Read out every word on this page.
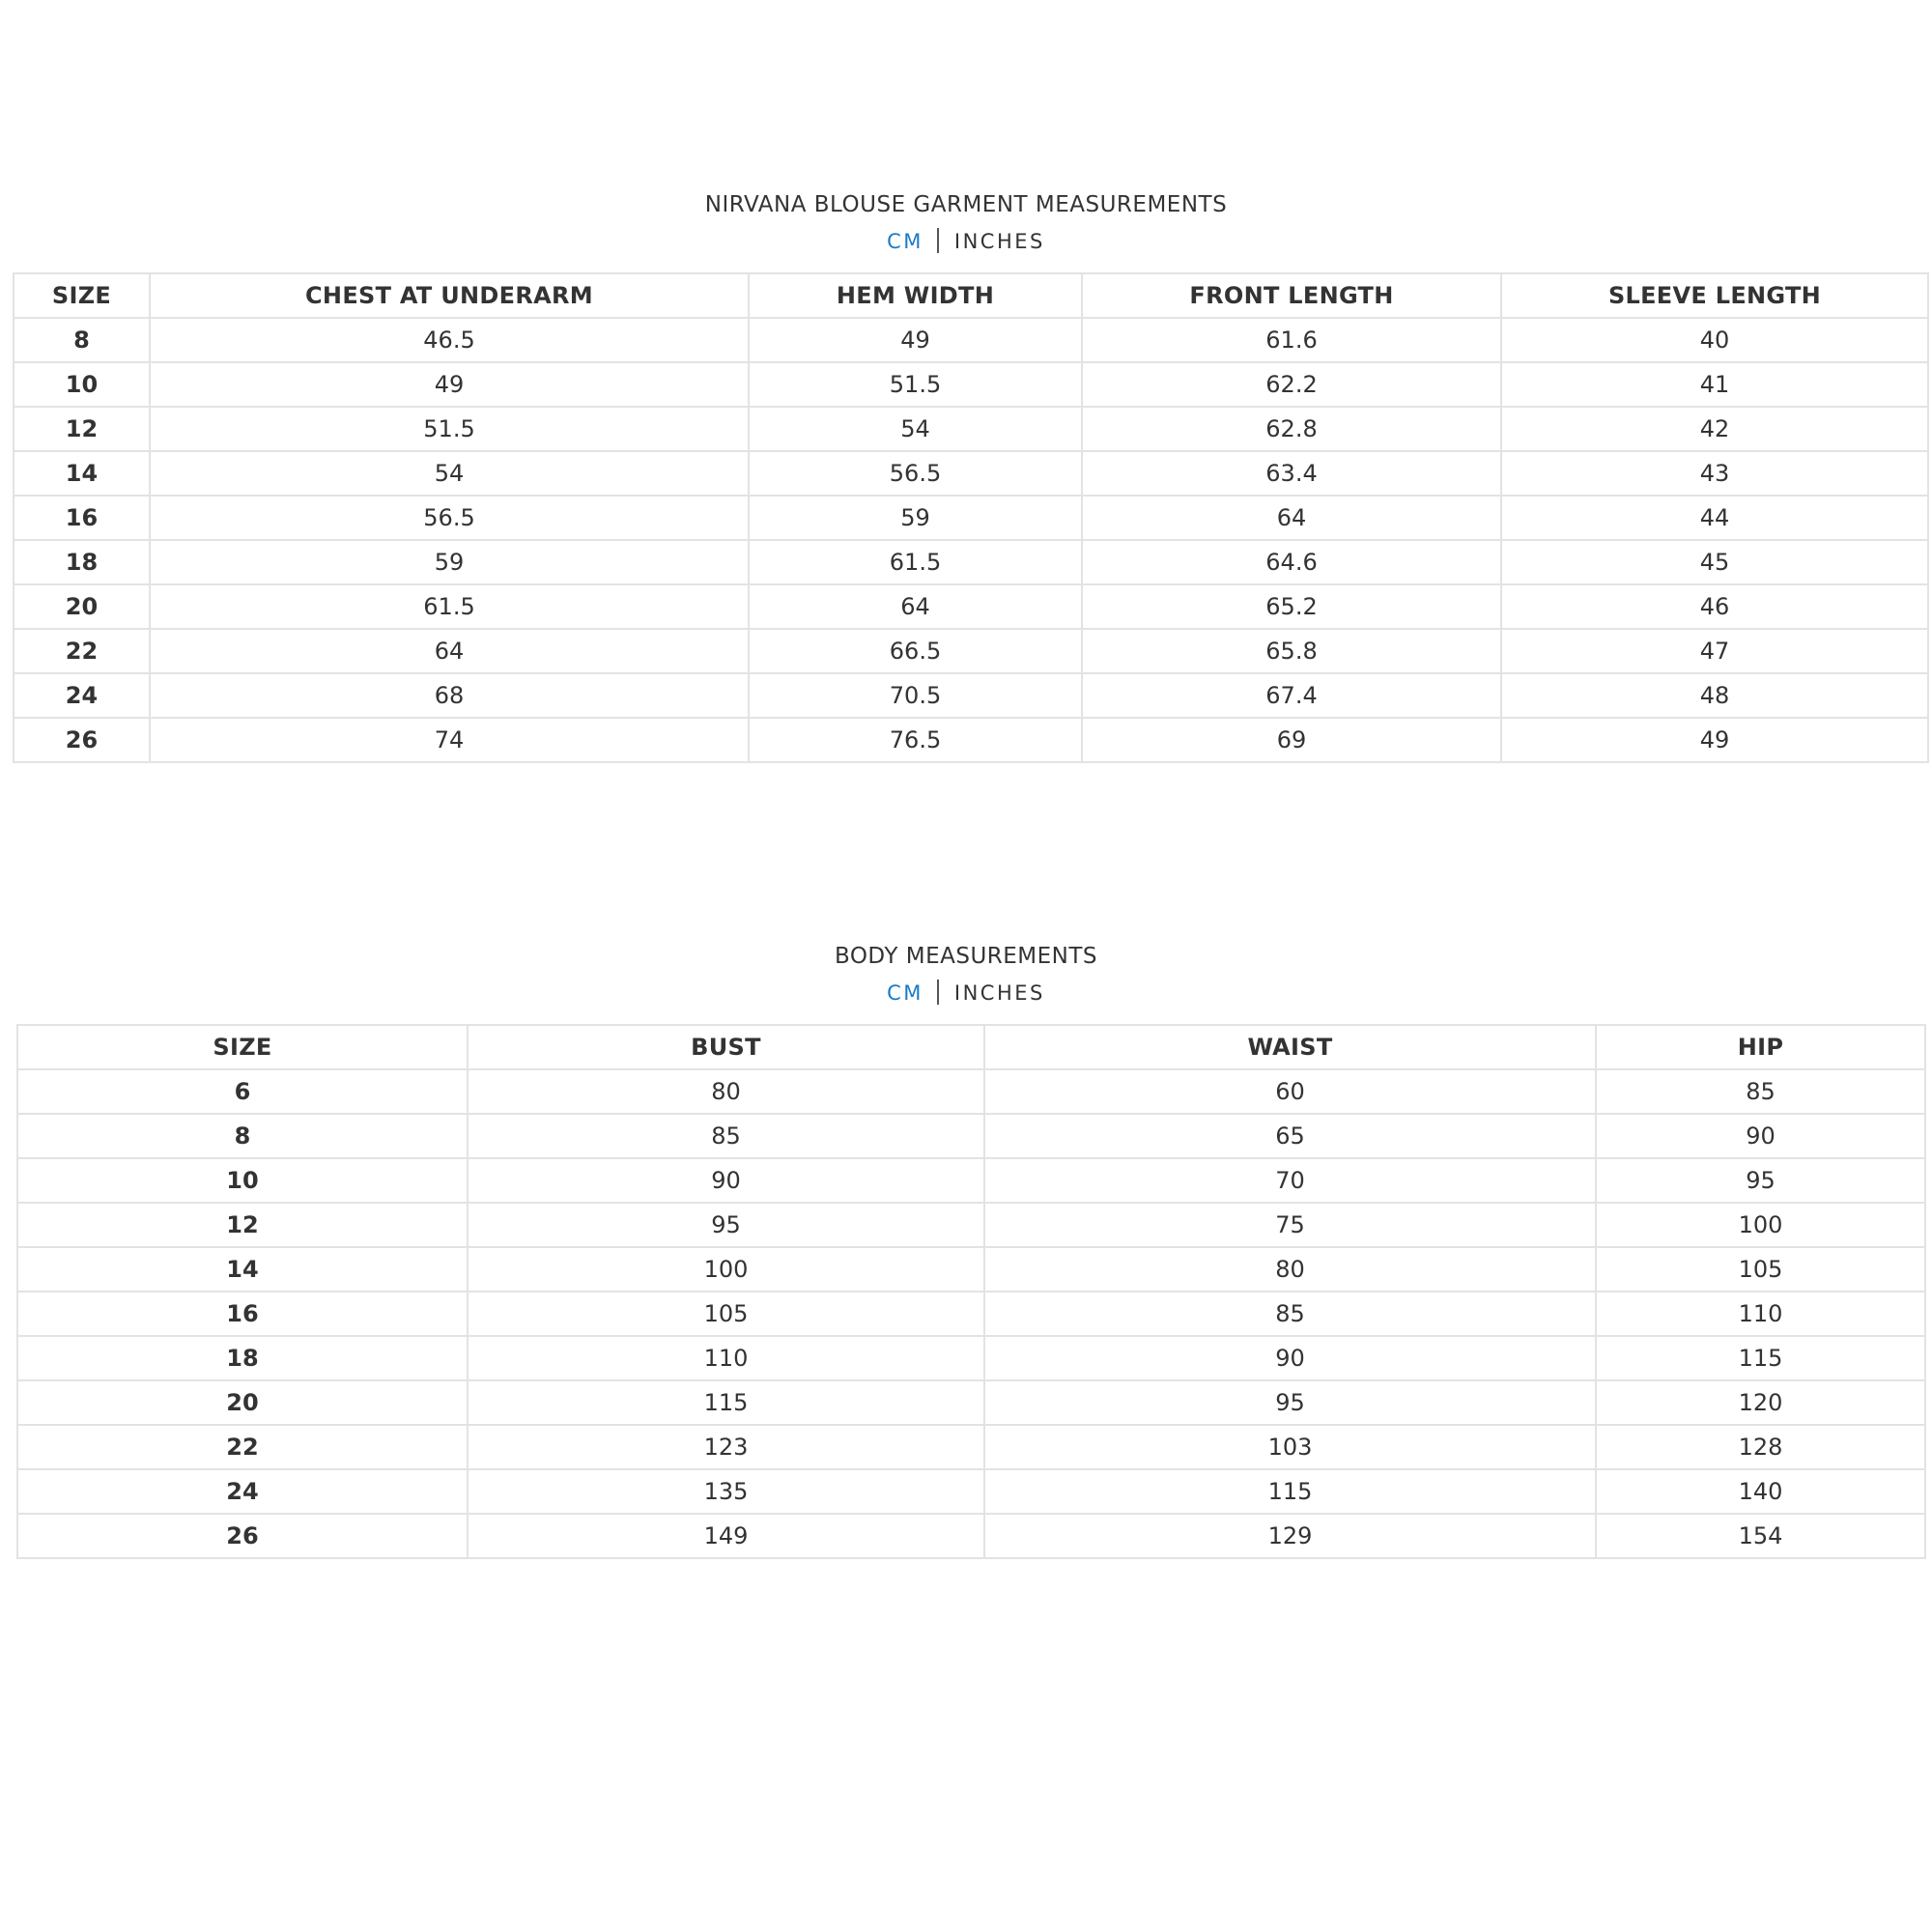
NIRVANA BLOUSE GARMENT MEASUREMENTS
CM INCHES
SIZE	CHEST AT UNDERARM	HEM WIDTH	FRONT LENGTH	SLEEVE LENGTH
8	46.5	49	61.6	40
10	49	51.5	62.2	41
12	51.5	54	62.8	42
14	54	56.5	63.4	43
16	56.5	59	64	44
18	59	61.5	64.6	45
20	61.5	64	65.2	46
22	64	66.5	65.8	47
24	68	70.5	67.4	48
26	74	76.5	69	49
BODY MEASUREMENTS
CM INCHES
SIZE	BUST	WAIST	HIP
6	80	60	85
8	85	65	90
10	90	70	95
12	95	75	100
14	100	80	105
16	105	85	110
18	110	90	115
20	115	95	120
22	123	103	128
24	135	115	140
26	149	129	154
